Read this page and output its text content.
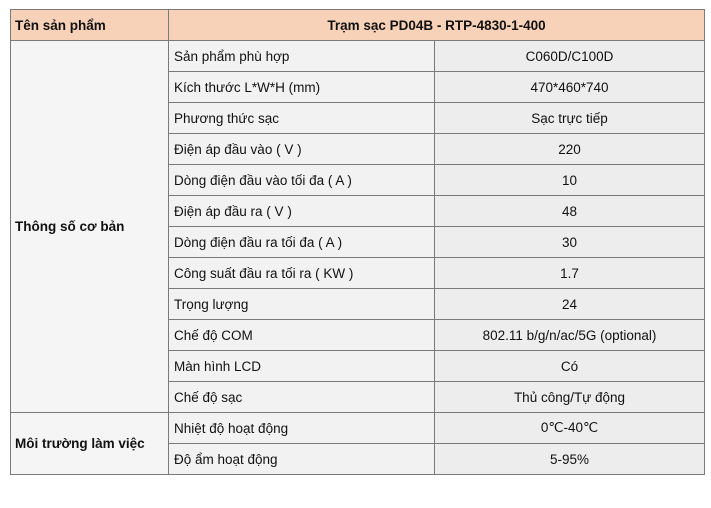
Tên sản phẩm	Trạm sạc PD04B - RTP-4830-1-400	
Thông số cơ bản	Sản phẩm phù hợp	C060D/C100D
	Kích thước L*W*H (mm)	470*460*740
	Phương thức sạc	Sạc trực tiếp
	Điện áp đầu vào ( V )	220
	Dòng điện đầu vào tối đa ( A )	10
	Điện áp đầu ra ( V )	48
	Dòng điện đầu ra tối đa ( A )	30
	Công suất đầu ra tối ra ( KW )	1.7
	Trọng lượng	24
	Chế độ COM	802.11 b/g/n/ac/5G (optional)
	Màn hình LCD	Có
	Chế độ sạc	Thủ công/Tự động
Môi trường làm việc	Nhiệt độ hoạt động	0℃-40℃
	Độ ẩm hoạt động	5-95%
